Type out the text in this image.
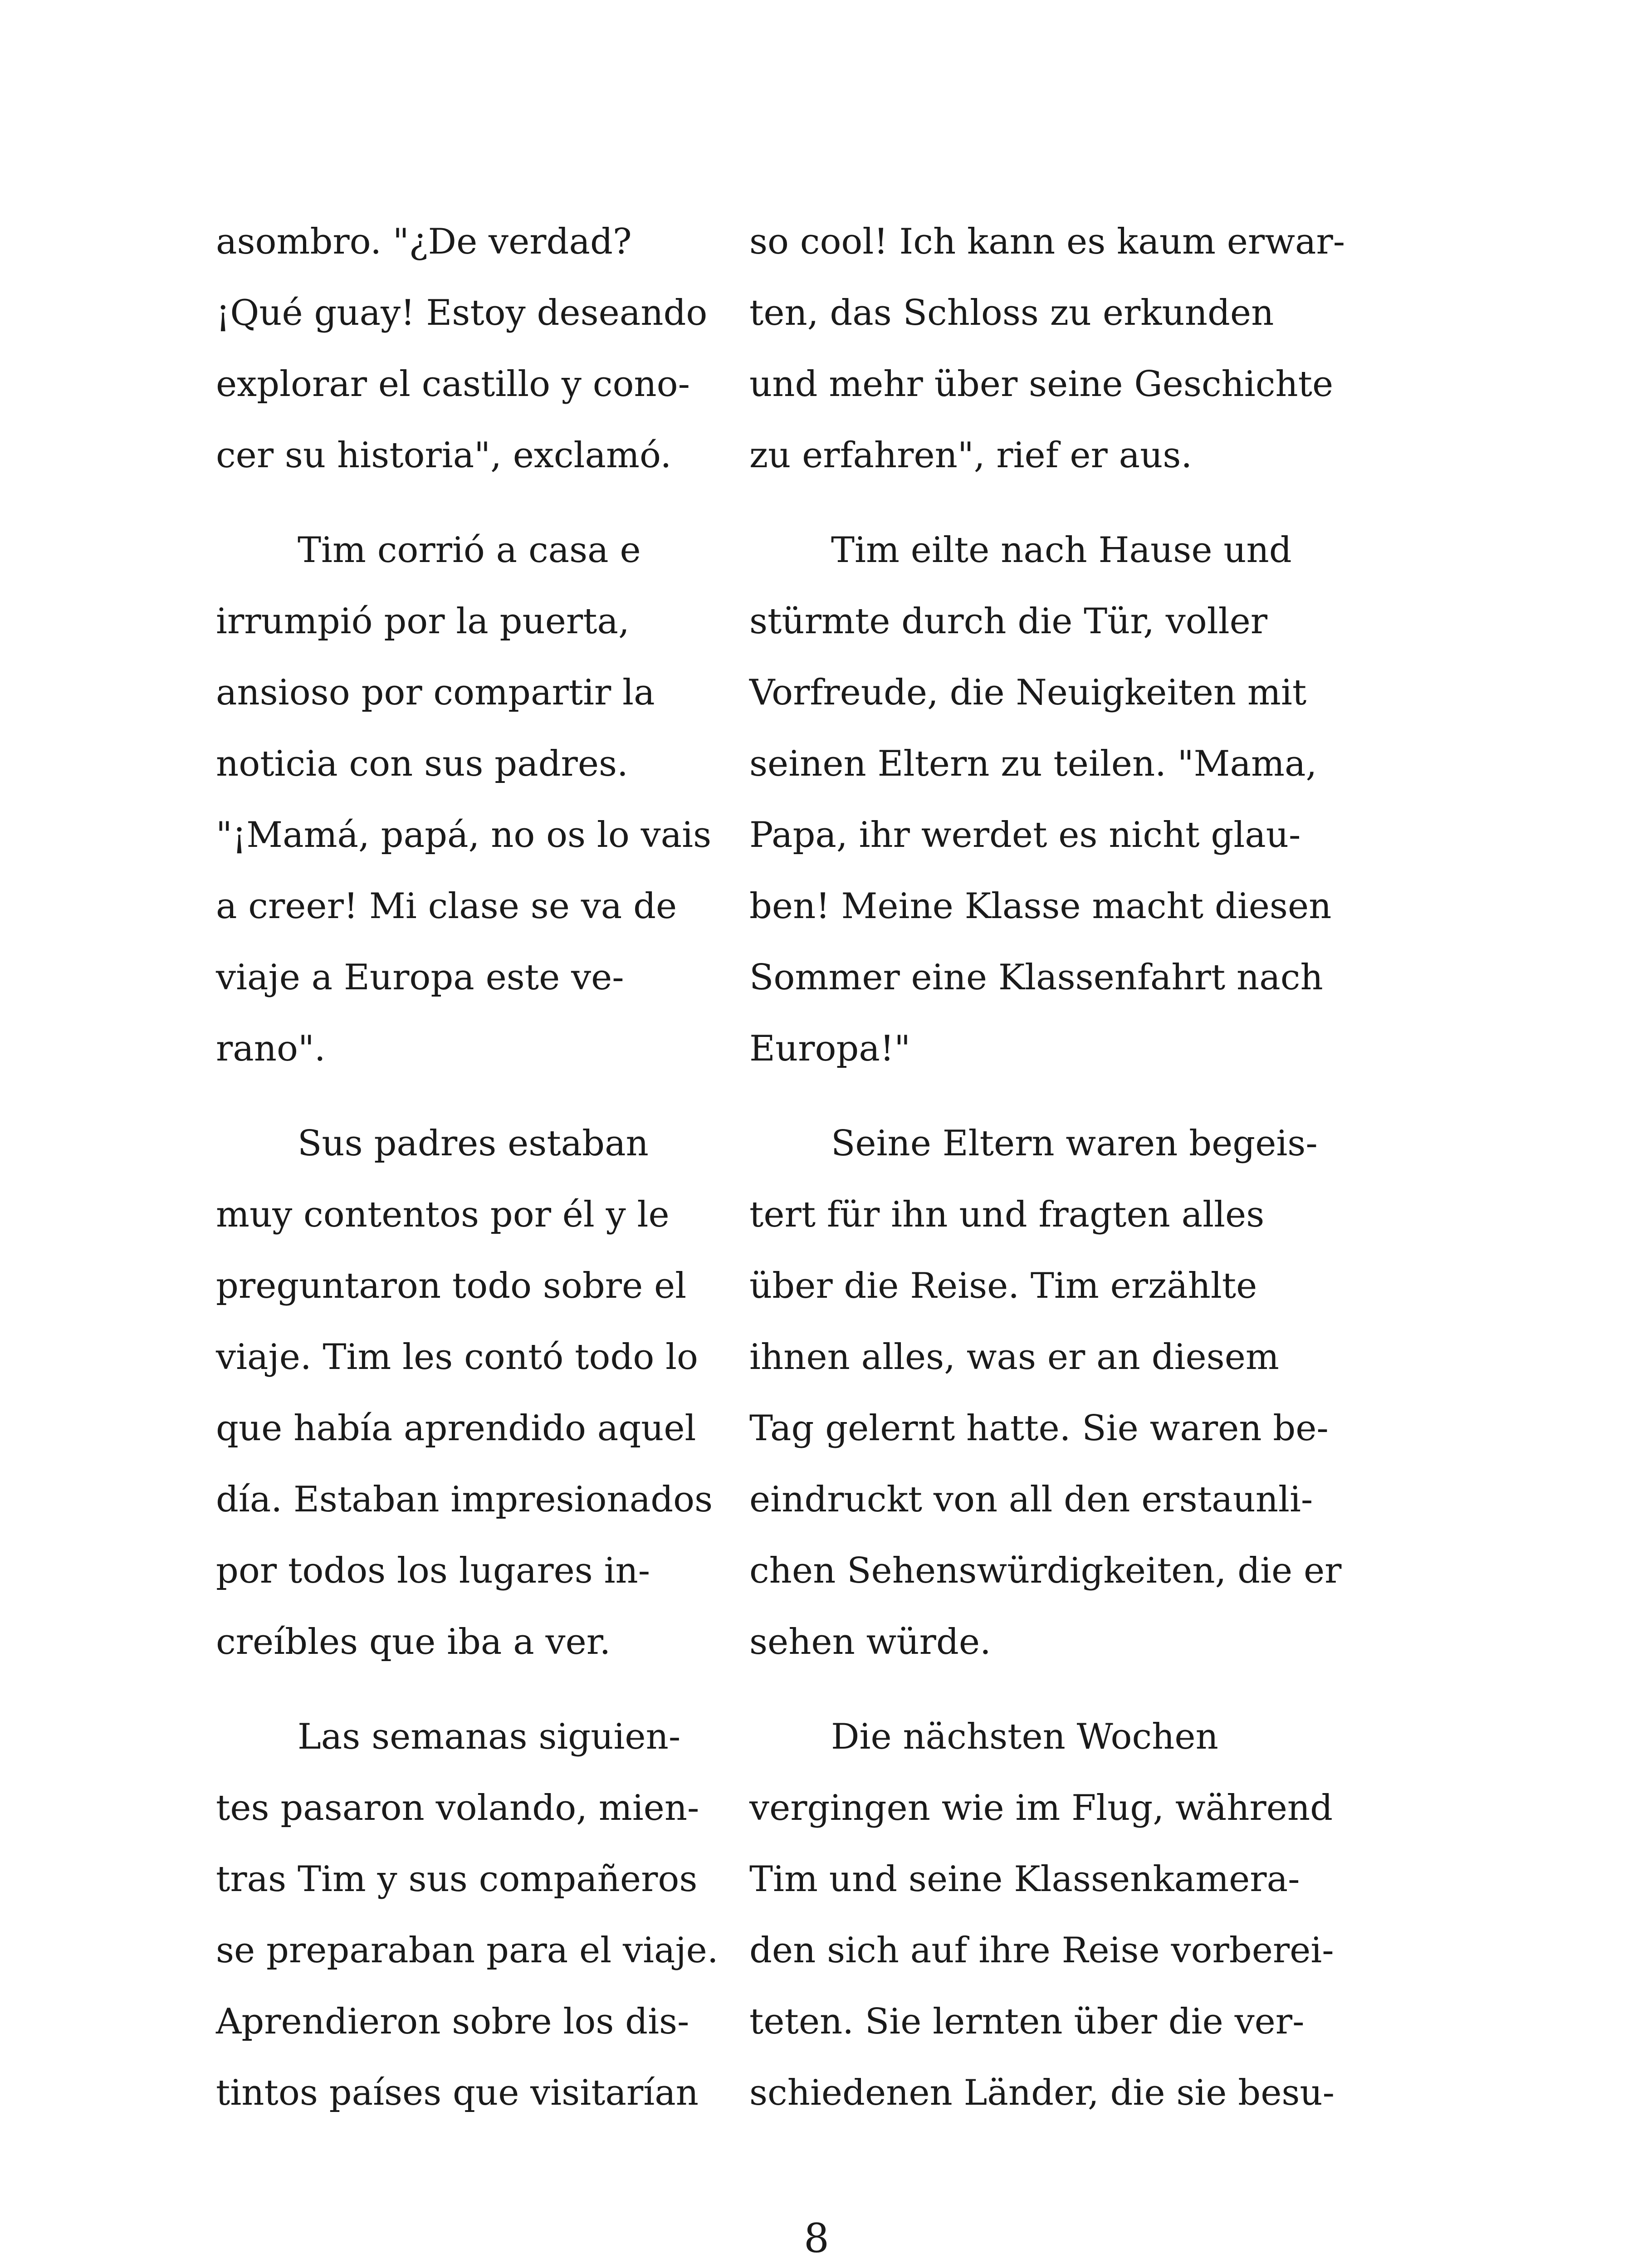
asombro. "¿De verdad?
¡Qué guay! Estoy deseando
explorar el castillo y cono-
cer su historia", exclamó.

Tim corrió a casa e
irrumpió por la puerta,
ansioso por compartir la
noticia con sus padres.
"¡Mamá, papá, no os lo vais
a creer! Mi clase se va de
viaje a Europa este ve-
rano".

Sus padres estaban
muy contentos por él y le
preguntaron todo sobre el
viaje. Tim les contó todo lo
que había aprendido aquel
día. Estaban impresionados
por todos los lugares in-
creíbles que iba a ver.

Las semanas siguien-
tes pasaron volando, mien-
tras Tim y sus compañeros
se preparaban para el viaje.
Aprendieron sobre los dis-
tintos países que visitarían

so cool! Ich kann es kaum erwar-
ten, das Schloss zu erkunden
und mehr über seine Geschichte
zu erfahren", rief er aus.

Tim eilte nach Hause und
stürmte durch die Tür, voller
Vorfreude, die Neuigkeiten mit
seinen Eltern zu teilen. "Mama,
Papa, ihr werdet es nicht glau-
ben! Meine Klasse macht diesen
Sommer eine Klassenfahrt nach
Europa!"

Seine Eltern waren begeis-
tert für ihn und fragten alles
über die Reise. Tim erzählte
ihnen alles, was er an diesem
Tag gelernt hatte. Sie waren be-
eindruckt von all den erstaunli-
chen Sehenswürdigkeiten, die er
sehen würde.

Die nächsten Wochen
vergingen wie im Flug, während
Tim und seine Klassenkamera-
den sich auf ihre Reise vorberei-
teten. Sie lernten über die ver-
schiedenen Länder, die sie besu-

8
